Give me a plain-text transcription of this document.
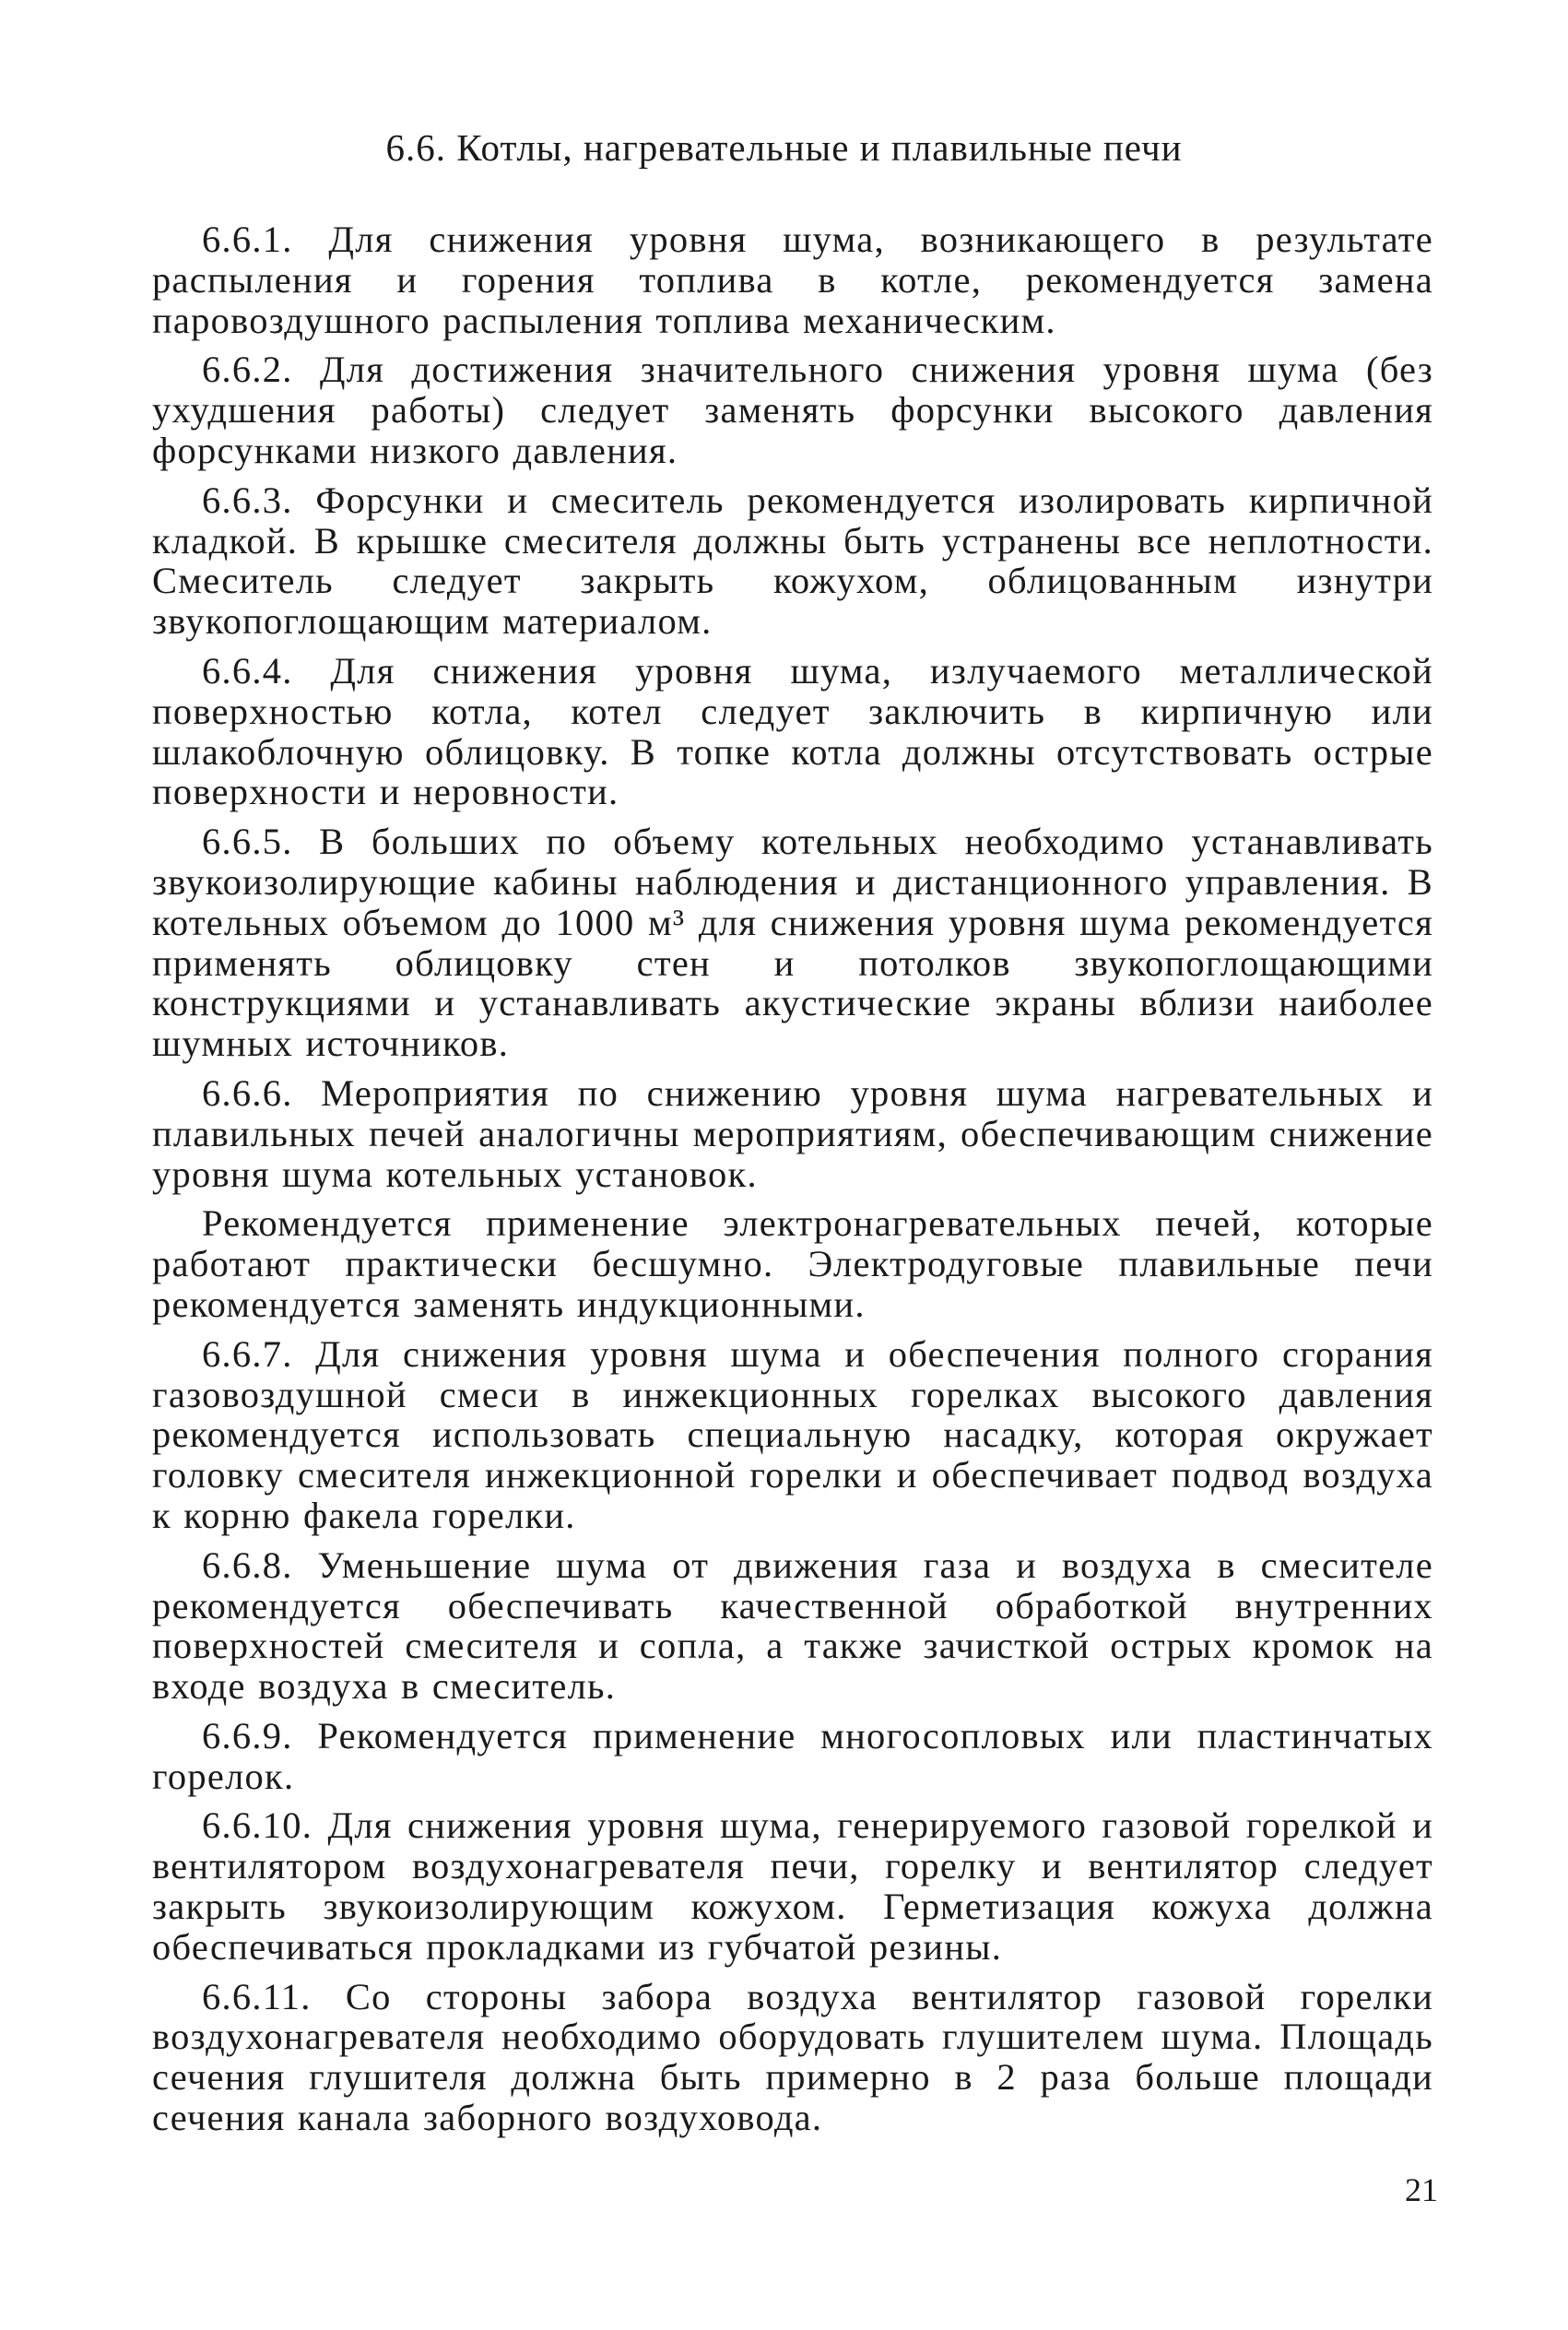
6.6. Котлы, нагревательные и плавильные печи

6.6.1. Для снижения уровня шума, возникающего в результате распыления и горения топлива в котле, рекомендуется замена паровоздушного распыления топлива механическим.

6.6.2. Для достижения значительного снижения уровня шума (без ухудшения работы) следует заменять форсунки высокого давления форсунками низкого давления.

6.6.3. Форсунки и смеситель рекомендуется изолировать кирпичной кладкой. В крышке смесителя должны быть устранены все неплотности. Смеситель следует закрыть кожухом, облицованным изнутри звукопоглощающим материалом.

6.6.4. Для снижения уровня шума, излучаемого металлической поверхностью котла, котел следует заключить в кирпичную или шлакоблочную облицовку. В топке котла должны отсутствовать острые поверхности и неровности.

6.6.5. В больших по объему котельных необходимо устанавливать звукоизолирующие кабины наблюдения и дистанционного управления. В котельных объемом до 1000 м³ для снижения уровня шума рекомендуется применять облицовку стен и потолков звукопоглощающими конструкциями и устанавливать акустические экраны вблизи наиболее шумных источников.

6.6.6. Мероприятия по снижению уровня шума нагревательных и плавильных печей аналогичны мероприятиям, обеспечивающим снижение уровня шума котельных установок.

Рекомендуется применение электронагревательных печей, которые работают практически бесшумно. Электродуговые плавильные печи рекомендуется заменять индукционными.

6.6.7. Для снижения уровня шума и обеспечения полного сгорания газовоздушной смеси в инжекционных горелках высокого давления рекомендуется использовать специальную насадку, которая окружает головку смесителя инжекционной горелки и обеспечивает подвод воздуха к корню факела горелки.

6.6.8. Уменьшение шума от движения газа и воздуха в смесителе рекомендуется обеспечивать качественной обработкой внутренних поверхностей смесителя и сопла, а также зачисткой острых кромок на входе воздуха в смеситель.

6.6.9. Рекомендуется применение многосопловых или пластинчатых горелок.

6.6.10. Для снижения уровня шума, генерируемого газовой горелкой и вентилятором воздухонагревателя печи, горелку и вентилятор следует закрыть звукоизолирующим кожухом. Герметизация кожуха должна обеспечиваться прокладками из губчатой резины.

6.6.11. Со стороны забора воздуха вентилятор газовой горелки воздухонагревателя необходимо оборудовать глушителем шума. Площадь сечения глушителя должна быть примерно в 2 раза больше площади сечения канала заборного воздуховода.

21
